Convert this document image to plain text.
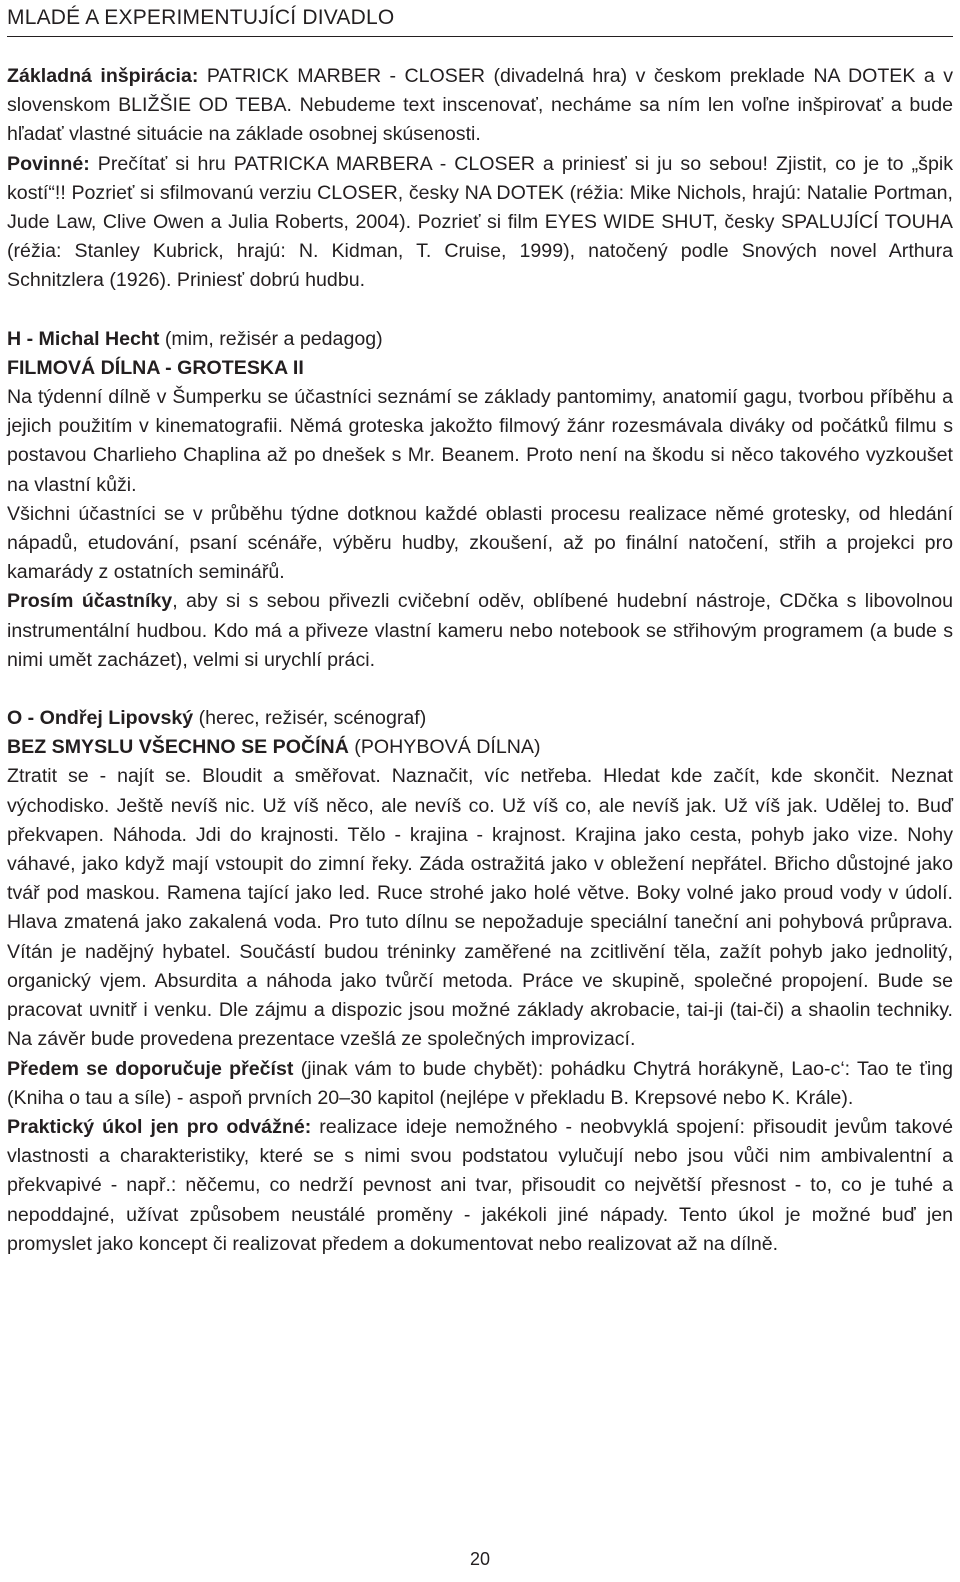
MLADÉ A EXPERIMENTUJÍCÍ DIVADLO

Základná inšpirácia: PATRICK MARBER - CLOSER (divadelná hra) v českom preklade NA DOTEK a v slovenskom BLIŽŠIE OD TEBA. Nebudeme text inscenovať, necháme sa ním len voľne inšpirovať a bude hľadať vlastné situácie na základe osobnej skúsenosti.

Povinné: Prečítať si hru PATRICKA MARBERA - CLOSER a priniesť si ju so sebou! Zjistit, co je to „špik kostí“!! Pozrieť si sfilmovanú verziu CLOSER, česky NA DOTEK (réžia: Mike Nichols, hrajú: Natalie Portman, Jude Law, Clive Owen a Julia Roberts, 2004). Pozrieť si film EYES WIDE SHUT, česky SPALUJÍCÍ TOUHA (réžia: Stanley Kubrick, hrajú: N. Kidman, T. Cruise, 1999), natočený podle Snových novel Arthura Schnitzlera (1926). Priniesť dobrú hudbu.

H - Michal Hecht (mim, režisér a pedagog)

FILMOVÁ DÍLNA - GROTESKA II

Na týdenní dílně v Šumperku se účastníci seznámí se základy pantomimy, anatomií gagu, tvorbou příběhu a jejich použitím v kinematografii. Němá groteska jakožto filmový žánr rozesmávala diváky od počátků filmu s postavou Charlieho Chaplina až po dnešek s Mr. Beanem. Proto není na škodu si něco takového vyzkoušet na vlastní kůži.

Všichni účastníci se v průběhu týdne dotknou každé oblasti procesu realizace němé grotesky, od hledání nápadů, etudování, psaní scénáře, výběru hudby, zkoušení, až po finální natočení, střih a projekci pro kamarády z ostatních seminářů.

Prosím účastníky, aby si s sebou přivezli cvičební oděv, oblíbené hudební nástroje, CDčka s libovolnou instrumentální hudbou. Kdo má a přiveze vlastní kameru nebo notebook se střihovým programem (a bude s nimi umět zacházet), velmi si urychlí práci.

O - Ondřej Lipovský (herec, režisér, scénograf)

BEZ SMYSLU VŠECHNO SE POČÍNÁ (POHYBOVÁ DÍLNA)

Ztratit se - najít se. Bloudit a směřovat. Naznačit, víc netřeba. Hledat kde začít, kde skončit. Neznat východisko. Ještě nevíš nic. Už víš něco, ale nevíš co. Už víš co, ale nevíš jak. Už víš jak. Udělej to. Buď překvapen. Náhoda. Jdi do krajnosti. Tělo - krajina - krajnost. Krajina jako cesta, pohyb jako vize. Nohy váhavé, jako když mají vstoupit do zimní řeky. Záda ostražitá jako v obležení nepřátel. Břicho důstojné jako tvář pod maskou. Ramena tající jako led. Ruce strohé jako holé větve. Boky volné jako proud vody v údolí. Hlava zmatená jako zakalená voda. Pro tuto dílnu se nepožaduje speciální taneční ani pohybová průprava. Vítán je nadějný hybatel. Součástí budou tréninky zaměřené na zcitlivění těla, zažít pohyb jako jednolitý, organický vjem. Absurdita a náhoda jako tvůrčí metoda. Práce ve skupině, společné propojení. Bude se pracovat uvnitř i venku. Dle zájmu a dispozic jsou možné základy akrobacie, tai-ji (tai-či) a shaolin techniky. Na závěr bude provedena prezentace vzešlá ze společných improvizací.

Předem se doporučuje přečíst (jinak vám to bude chybět): pohádku Chytrá horákyně, Lao-c‘: Tao te ťing (Kniha o tau a síle) - aspoň prvních 20–30 kapitol (nejlépe v překladu B. Krepsové nebo K. Krále).

Praktický úkol jen pro odvážné: realizace ideje nemožného - neobvyklá spojení: přisoudit jevům takové vlastnosti a charakteristiky, které se s nimi svou podstatou vylučují nebo jsou vůči nim ambivalentní a překvapivé - např.: něčemu, co nedrží pevnost ani tvar, přisoudit co největší přesnost - to, co je tuhé a nepoddajné, užívat způsobem neustálé proměny - jakékoli jiné nápady. Tento úkol je možné buď jen promyslet jako koncept či realizovat předem a dokumentovat nebo realizovat až na dílně.

20
